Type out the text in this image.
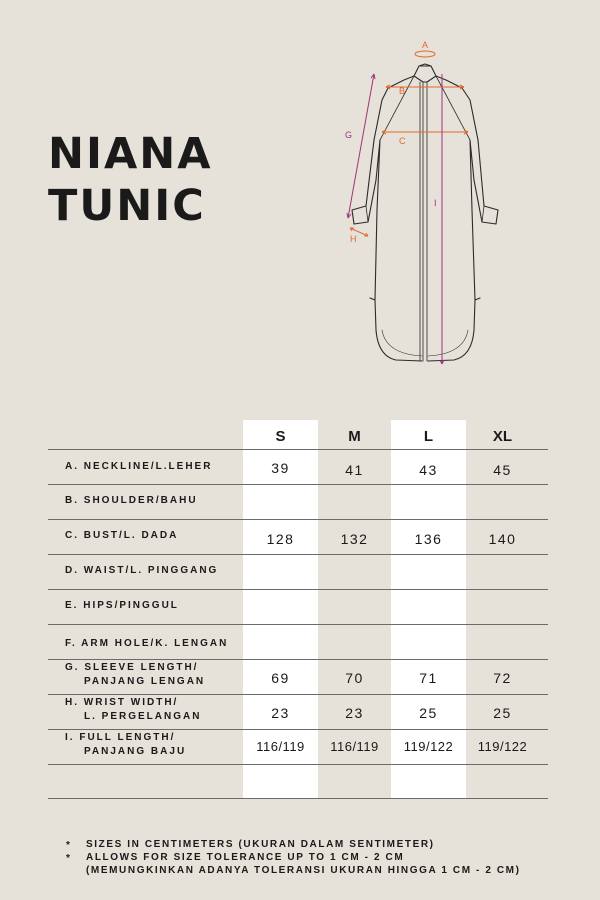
NIANA
TUNIC
A
B
C
H
G
I
S	M	L	XL
A. NECKLINE/L.LEHER	39	41	43	45
B. SHOULDER/BAHU
C. BUST/L. DADA	128	132	136	140
D. WAIST/L. PINGGANG
E. HIPS/PINGGUL
F. ARM HOLE/K. LENGAN
G. SLEEVE LENGTH/
PANJANG LENGAN	69	70	71	72
H. WRIST WIDTH/
L. PERGELANGAN	23	23	25	25
I. FULL LENGTH/
PANJANG BAJU	116/119	116/119	119/122	119/122
* SIZES IN CENTIMETERS (UKURAN DALAM SENTIMETER)
* ALLOWS FOR SIZE TOLERANCE UP TO 1 CM - 2 CM
(MEMUNGKINKAN ADANYA TOLERANSI UKURAN HINGGA 1 CM - 2 CM)
